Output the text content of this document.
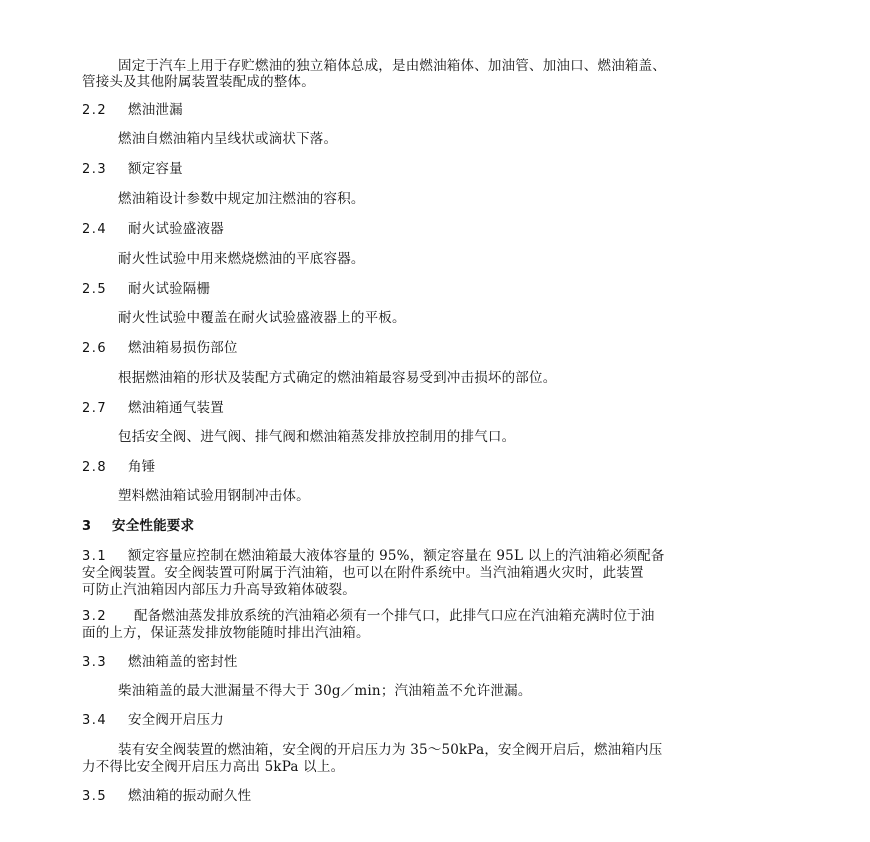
固定于汽车上用于存贮燃油的独立箱体总成，是由燃油箱体、加油管、加油口、燃油箱盖、
管接头及其他附属装置装配成的整体。
2.2 燃油泄漏
燃油自燃油箱内呈线状或滴状下落。
2.3 额定容量
燃油箱设计参数中规定加注燃油的容积。
2.4 耐火试验盛液器
耐火性试验中用来燃烧燃油的平底容器。
2.5 耐火试验隔栅
耐火性试验中覆盖在耐火试验盛液器上的平板。
2.6 燃油箱易损伤部位
根据燃油箱的形状及装配方式确定的燃油箱最容易受到冲击损坏的部位。
2.7 燃油箱通气装置
包括安全阀、进气阀、排气阀和燃油箱蒸发排放控制用的排气口。
2.8 角锤
塑料燃油箱试验用钢制冲击体。
3 安全性能要求
3.1 额定容量应控制在燃油箱最大液体容量的 95%，额定容量在 95L 以上的汽油箱必须配备
安全阀装置。安全阀装置可附属于汽油箱，也可以在附件系统中。当汽油箱遇火灾时，此装置
可防止汽油箱因内部压力升高导致箱体破裂。
3.2 配备燃油蒸发排放系统的汽油箱必须有一个排气口，此排气口应在汽油箱充满时位于油
面的上方，保证蒸发排放物能随时排出汽油箱。
3.3 燃油箱盖的密封性
柴油箱盖的最大泄漏量不得大于 30g／min；汽油箱盖不允许泄漏。
3.4 安全阀开启压力
装有安全阀装置的燃油箱，安全阀的开启压力为 35～50kPa，安全阀开启后，燃油箱内压
力不得比安全阀开启压力高出 5kPa 以上。
3.5 燃油箱的振动耐久性
